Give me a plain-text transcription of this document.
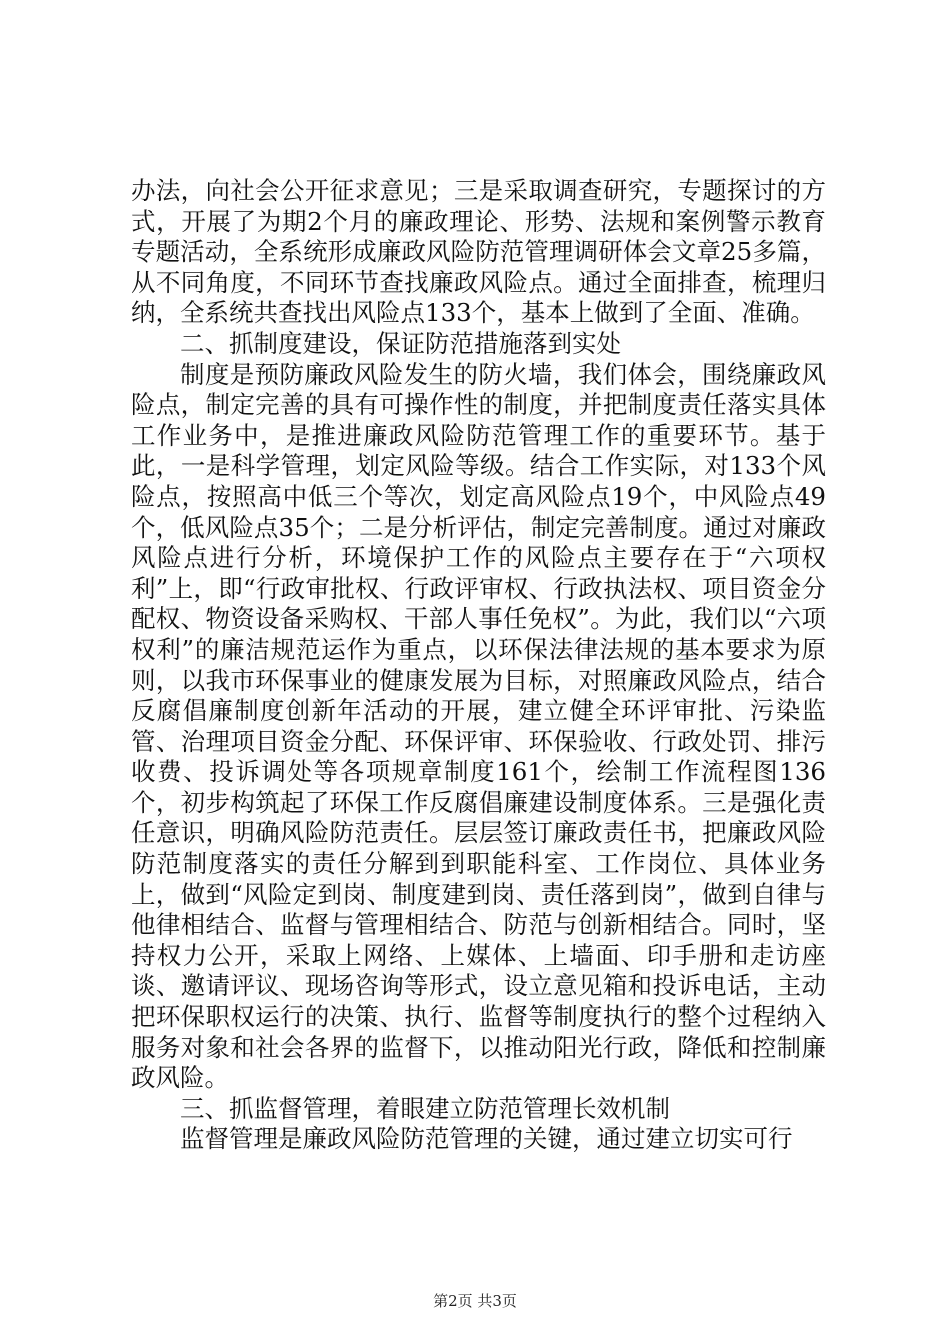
办法，向社会公开征求意见；三是采取调查研究，专题探讨的方式，开展了为期2个月的廉政理论、形势、法规和案例警示教育专题活动，全系统形成廉政风险防范管理调研体会文章25多篇，从不同角度，不同环节查找廉政风险点。通过全面排查，梳理归纳，全系统共查找出风险点133个，基本上做到了全面、准确。

二、抓制度建设，保证防范措施落到实处

制度是预防廉政风险发生的防火墙，我们体会，围绕廉政风险点，制定完善的具有可操作性的制度，并把制度责任落实具体工作业务中，是推进廉政风险防范管理工作的重要环节。基于此，一是科学管理，划定风险等级。结合工作实际，对133个风险点，按照高中低三个等次，划定高风险点19个，中风险点49个，低风险点35个；二是分析评估，制定完善制度。通过对廉政风险点进行分析，环境保护工作的风险点主要存在于“六项权利”上，即“行政审批权、行政评审权、行政执法权、项目资金分配权、物资设备采购权、干部人事任免权”。为此，我们以“六项权利”的廉洁规范运作为重点，以环保法律法规的基本要求为原则，以我市环保事业的健康发展为目标，对照廉政风险点，结合反腐倡廉制度创新年活动的开展，建立健全环评审批、污染监管、治理项目资金分配、环保评审、环保验收、行政处罚、排污收费、投诉调处等各项规章制度161个，绘制工作流程图136个，初步构筑起了环保工作反腐倡廉建设制度体系。三是强化责任意识，明确风险防范责任。层层签订廉政责任书，把廉政风险防范制度落实的责任分解到到职能科室、工作岗位、具体业务上，做到“风险定到岗、制度建到岗、责任落到岗”，做到自律与他律相结合、监督与管理相结合、防范与创新相结合。同时，坚持权力公开，采取上网络、上媒体、上墙面、印手册和走访座谈、邀请评议、现场咨询等形式，设立意见箱和投诉电话，主动把环保职权运行的决策、执行、监督等制度执行的整个过程纳入服务对象和社会各界的监督下，以推动阳光行政，降低和控制廉政风险。

三、抓监督管理，着眼建立防范管理长效机制

监督管理是廉政风险防范管理的关键，通过建立切实可行

第2页 共3页
